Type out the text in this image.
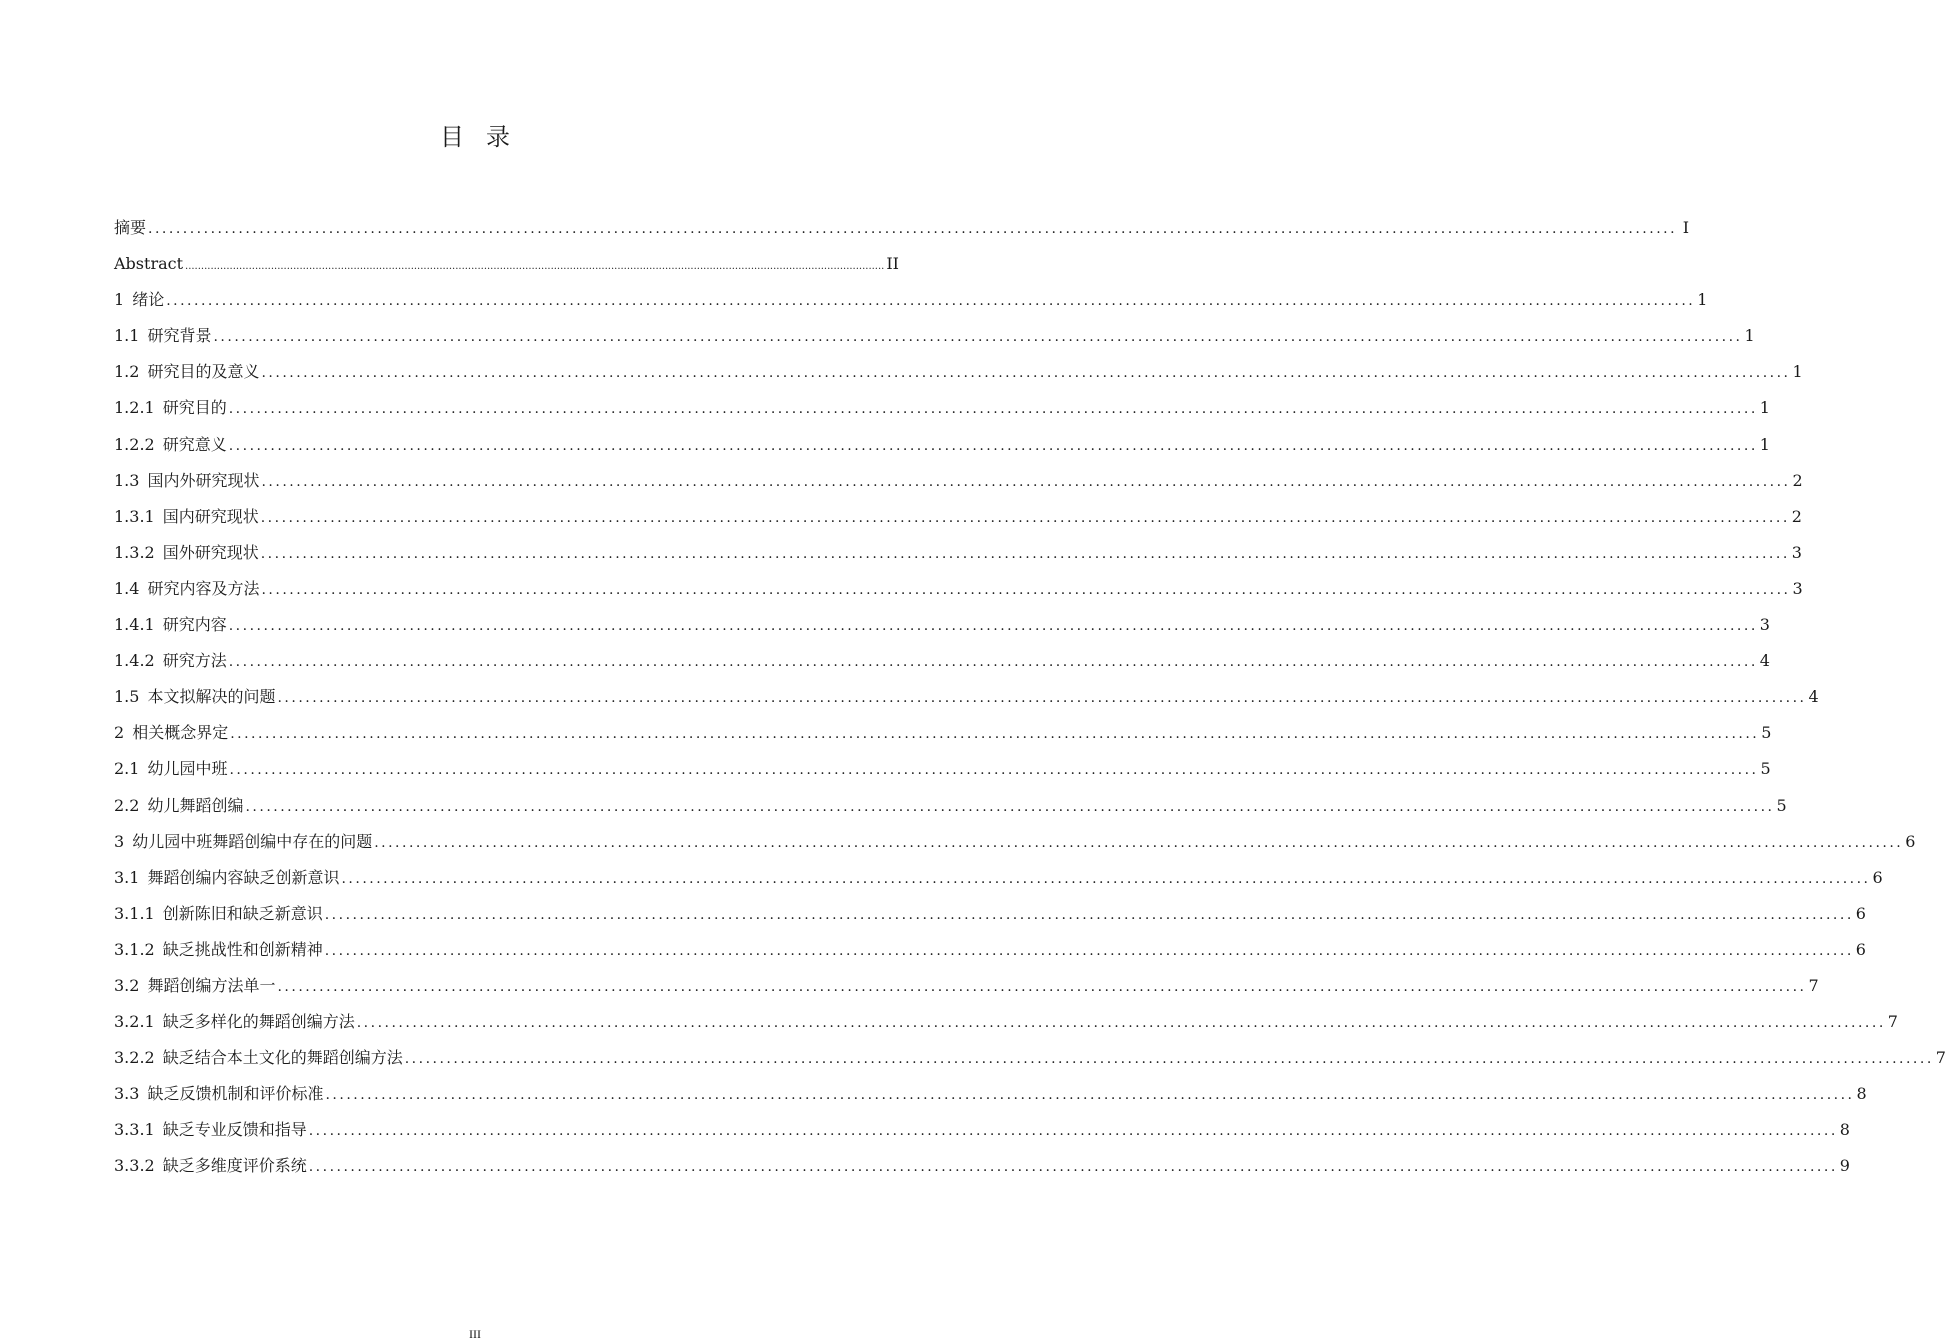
目录
摘要 ............................................................................................................................................................................................................................ I
Abstract ............................................................................................................................................................................................................................ II
1 绪论 ............................................................................................................................................................................................................................ 1
1.1 研究背景 ............................................................................................................................................................................................................................ 1
1.2 研究目的及意义 ............................................................................................................................................................................................................................ 1
1.2.1 研究目的 ............................................................................................................................................................................................................................ 1
1.2.2 研究意义 ............................................................................................................................................................................................................................ 1
1.3 国内外研究现状 ............................................................................................................................................................................................................................ 2
1.3.1 国内研究现状 ............................................................................................................................................................................................................................ 2
1.3.2 国外研究现状 ............................................................................................................................................................................................................................ 3
1.4 研究内容及方法 ............................................................................................................................................................................................................................ 3
1.4.1 研究内容 ............................................................................................................................................................................................................................ 3
1.4.2 研究方法 ............................................................................................................................................................................................................................ 4
1.5 本文拟解决的问题 ............................................................................................................................................................................................................................ 4
2 相关概念界定 ............................................................................................................................................................................................................................ 5
2.1 幼儿园中班 ............................................................................................................................................................................................................................ 5
2.2 幼儿舞蹈创编 ............................................................................................................................................................................................................................ 5
3 幼儿园中班舞蹈创编中存在的问题 ............................................................................................................................................................................................................................ 6
3.1 舞蹈创编内容缺乏创新意识 ............................................................................................................................................................................................................................ 6
3.1.1 创新陈旧和缺乏新意识 ............................................................................................................................................................................................................................ 6
3.1.2 缺乏挑战性和创新精神 ............................................................................................................................................................................................................................ 6
3.2 舞蹈创编方法单一 ............................................................................................................................................................................................................................ 7
3.2.1 缺乏多样化的舞蹈创编方法 ............................................................................................................................................................................................................................ 7
3.2.2 缺乏结合本土文化的舞蹈创编方法 ............................................................................................................................................................................................................................ 7
3.3 缺乏反馈机制和评价标准 ............................................................................................................................................................................................................................ 8
3.3.1 缺乏专业反馈和指导 ............................................................................................................................................................................................................................ 8
3.3.2 缺乏多维度评价系统 ............................................................................................................................................................................................................................ 9
III
